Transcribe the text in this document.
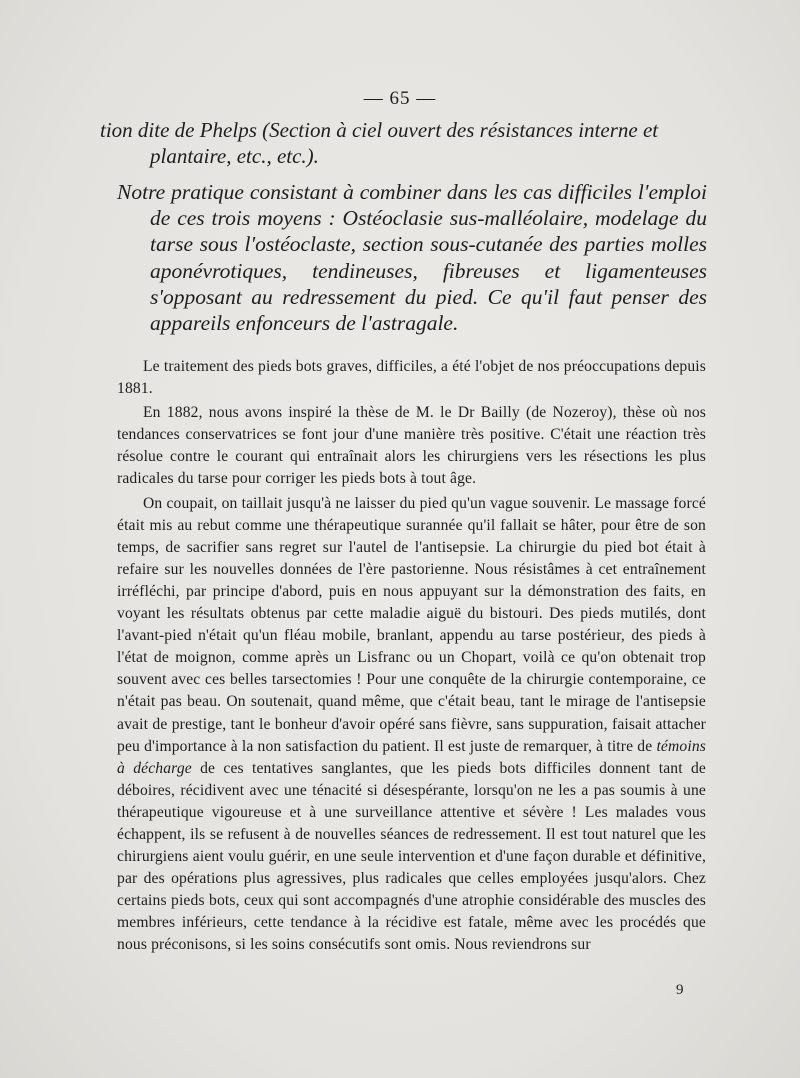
— 65 —

tion dite de Phelps (Section à ciel ouvert des résistances interne et plantaire, etc., etc.).

Notre pratique consistant à combiner dans les cas difficiles l'emploi de ces trois moyens : Ostéoclasie sus-malléolaire, modelage du tarse sous l'ostéoclaste, section sous-cutanée des parties molles aponévrotiques, tendineuses, fibreuses et ligamenteuses s'opposant au redressement du pied. Ce qu'il faut penser des appareils enfonceurs de l'astragale.

Le traitement des pieds bots graves, difficiles, a été l'objet de nos préoccupations depuis 1881.

En 1882, nous avons inspiré la thèse de M. le Dr Bailly (de Nozeroy), thèse où nos tendances conservatrices se font jour d'une manière très positive. C'était une réaction très résolue contre le courant qui entraînait alors les chirurgiens vers les résections les plus radicales du tarse pour corriger les pieds bots à tout âge.

On coupait, on taillait jusqu'à ne laisser du pied qu'un vague souvenir. Le massage forcé était mis au rebut comme une thérapeutique surannée qu'il fallait se hâter, pour être de son temps, de sacrifier sans regret sur l'autel de l'antisepsie. La chirurgie du pied bot était à refaire sur les nouvelles données de l'ère pastorienne. Nous résistâmes à cet entraînement irréfléchi, par principe d'abord, puis en nous appuyant sur la démonstration des faits, en voyant les résultats obtenus par cette maladie aiguë du bistouri. Des pieds mutilés, dont l'avant-pied n'était qu'un fléau mobile, branlant, appendu au tarse postérieur, des pieds à l'état de moignon, comme après un Lisfranc ou un Chopart, voilà ce qu'on obtenait trop souvent avec ces belles tarsectomies ! Pour une conquête de la chirurgie contemporaine, ce n'était pas beau. On soutenait, quand même, que c'était beau, tant le mirage de l'antisepsie avait de prestige, tant le bonheur d'avoir opéré sans fièvre, sans suppuration, faisait attacher peu d'importance à la non satisfaction du patient. Il est juste de remarquer, à titre de témoins à décharge de ces tentatives sanglantes, que les pieds bots difficiles donnent tant de déboires, récidivent avec une ténacité si désespérante, lorsqu'on ne les a pas soumis à une thérapeutique vigoureuse et à une surveillance attentive et sévère ! Les malades vous échappent, ils se refusent à de nouvelles séances de redressement. Il est tout naturel que les chirurgiens aient voulu guérir, en une seule intervention et d'une façon durable et définitive, par des opérations plus agressives, plus radicales que celles employées jusqu'alors. Chez certains pieds bots, ceux qui sont accompagnés d'une atrophie considérable des muscles des membres inférieurs, cette tendance à la récidive est fatale, même avec les procédés que nous préconisons, si les soins consécutifs sont omis. Nous reviendrons sur

9
